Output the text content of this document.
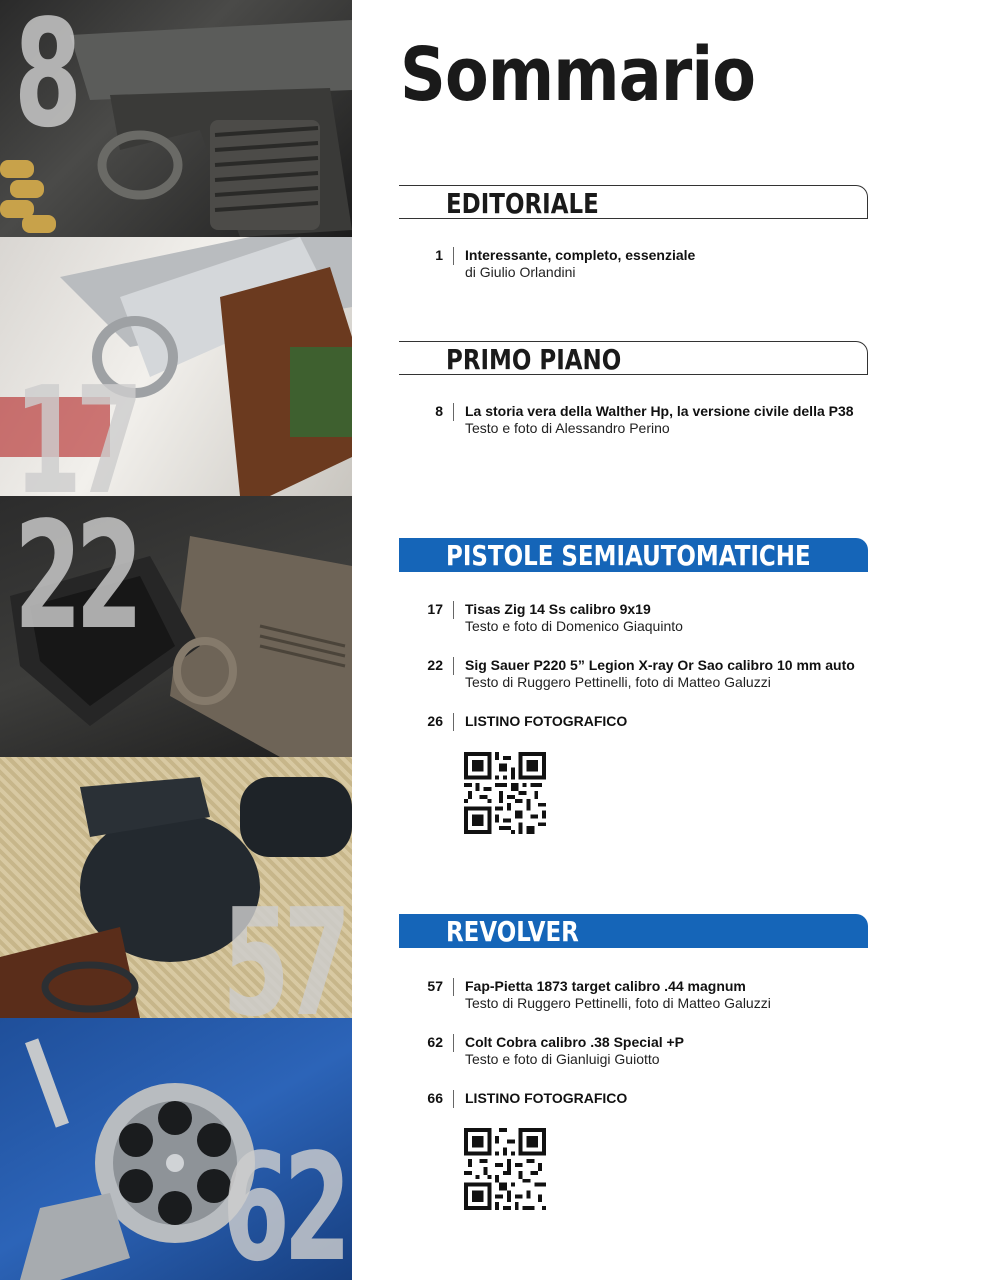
8
17
22
57
62
Sommario
EDITORIALE
1 Interessante, completo, essenziale
di Giulio Orlandini
PRIMO PIANO
8 La storia vera della Walther Hp, la versione civile della P38
Testo e foto di Alessandro Perino
PISTOLE SEMIAUTOMATICHE
17 Tisas Zig 14 Ss calibro 9x19
Testo e foto di Domenico Giaquinto
22 Sig Sauer P220 5” Legion X-ray Or Sao calibro 10 mm auto
Testo di Ruggero Pettinelli, foto di Matteo Galuzzi
26 LISTINO FOTOGRAFICO
REVOLVER
57 Fap-Pietta 1873 target calibro .44 magnum
Testo di Ruggero Pettinelli, foto di Matteo Galuzzi
62 Colt Cobra calibro .38 Special +P
Testo e foto di Gianluigi Guiotto
66 LISTINO FOTOGRAFICO
